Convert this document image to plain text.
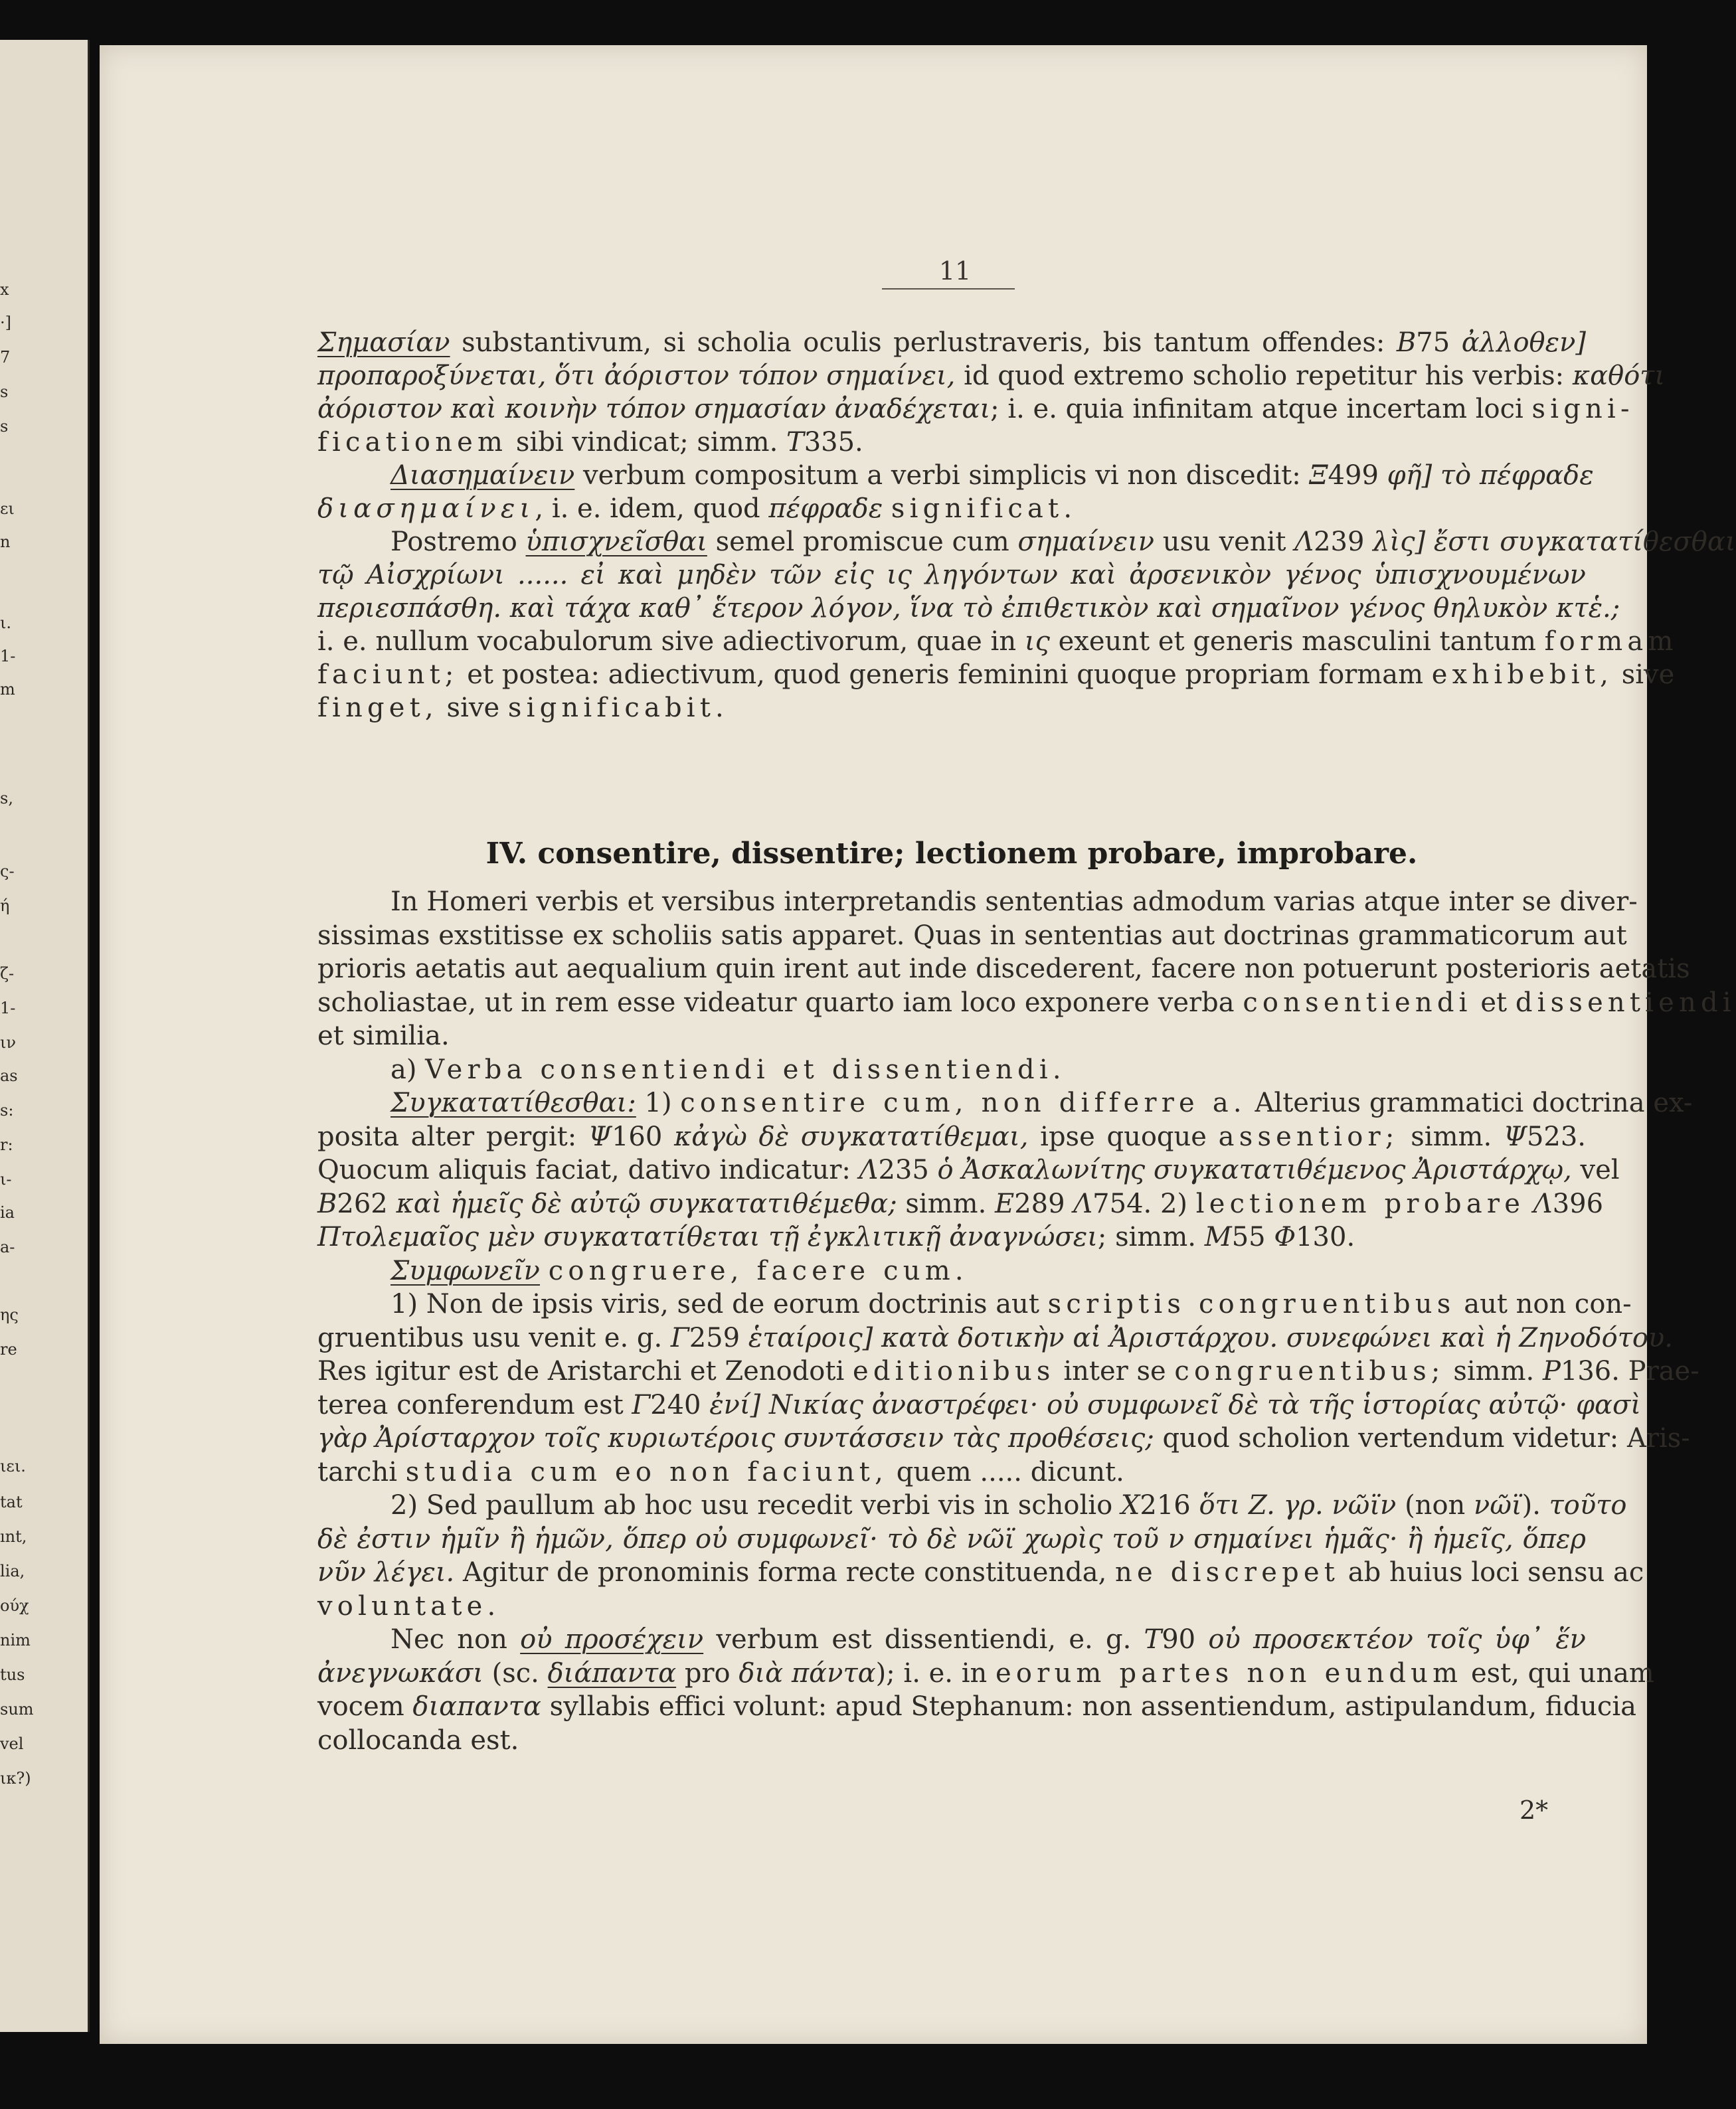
x
·]
7
s
s
ει
n
ι.
1-
m
s,
ς-
ή
ζ-
1-
ιν
as
s:
r:
ι-
ia
a-
ης
re
ιει.
tat
ınt,
lia,
ούχ
nim
tus
sum
vel
ικ?)
11
IV. consentire, dissentire; lectionem probare, improbare.
Σημασίαν substantivum, si scholia oculis perlustraveris, bis tantum offendes: B75 ἀλλοθεν]
προπαροξύνεται, ὅτι ἀόριστον τόπον σημαίνει, id quod extremo scholio repetitur his verbis: καθότι
ἀόριστον καὶ κοινὴν τόπον σημασίαν ἀναδέχεται; i. e. quia infinitam atque incertam loci signi-
ficationem sibi vindicat; simm. T335.
Διασημαίνειν verbum compositum a verbi simplicis vi non discedit: Ξ499 φῆ] τὸ πέφραδε
διασημαίνει, i. e. idem, quod πέφραδε significat.
Postremo ὑπισχνεῖσθαι semel promiscue cum σημαίνειν usu venit Λ239 λὶς] ἔστι συγκατατίθεσθαι
τῷ Αἰσχρίωνι ...... εἰ καὶ μηδὲν τῶν εἰς ις ληγόντων καὶ ἀρσενικὸν γένος ὑπισχνουμένων
περιεσπάσθη. καὶ τάχα καθ᾽ ἕτερον λόγον, ἵνα τὸ ἐπιθετικὸν καὶ σημαῖνον γένος θηλυκὸν κτἑ.;
i. e. nullum vocabulorum sive adiectivorum, quae in ις exeunt et generis masculini tantum formam
faciunt; et postea: adiectivum, quod generis feminini quoque propriam formam exhibebit, sive
finget, sive significabit.
In Homeri verbis et versibus interpretandis sententias admodum varias atque inter se diver-
sissimas exstitisse ex scholiis satis apparet. Quas in sententias aut doctrinas grammaticorum aut
prioris aetatis aut aequalium quin irent aut inde discederent, facere non potuerunt posterioris aetatis
scholiastae, ut in rem esse videatur quarto iam loco exponere verba consentiendi et dissentiendi
et similia.
a) Verba consentiendi et dissentiendi.
Συγκατατίθεσθαι: 1) consentire cum, non differre a. Alterius grammatici doctrina ex-
posita alter pergit: Ψ160 κἀγὼ δὲ συγκατατίθεμαι, ipse quoque assentior; simm. Ψ523.
Quocum aliquis faciat, dativo indicatur: Λ235 ὁ Ἀσκαλωνίτης συγκατατιθέμενος Ἀριστάρχῳ, vel
B262 καὶ ἡμεῖς δὲ αὐτῷ συγκατατιθέμεθα; simm. E289 Λ754. 2) lectionem probare Λ396
Πτολεμαῖος μὲν συγκατατίθεται τῇ ἐγκλιτικῇ ἀναγνώσει; simm. M55 Φ130.
Συμφωνεῖν congruere, facere cum.
1) Non de ipsis viris, sed de eorum doctrinis aut scriptis congruentibus aut non con-
gruentibus usu venit e. g. Γ259 ἑταίροις] κατὰ δοτικὴν αἱ Ἀριστάρχου. συνεφώνει καὶ ἡ Ζηνοδότου.
Res igitur est de Aristarchi et Zenodoti editionibus inter se congruentibus; simm. P136. Prae-
terea conferendum est Γ240 ἐνί] Νικίας ἀναστρέφει· οὐ συμφωνεῖ δὲ τὰ τῆς ἱστορίας αὐτῷ· φασὶ
γὰρ Ἀρίσταρχον τοῖς κυριωτέροις συντάσσειν τὰς προθέσεις; quod scholion vertendum videtur: Aris-
tarchi studia cum eo non faciunt, quem ..... dicunt.
2) Sed paullum ab hoc usu recedit verbi vis in scholio X216 ὅτι Z. γρ. νῶϊν (non νῶϊ). τοῦτο
δὲ ἐστιν ἡμῖν ἢ ἡμῶν, ὅπερ οὐ συμφωνεῖ· τὸ δὲ νῶϊ χωρὶς τοῦ ν σημαίνει ἡμᾶς· ἢ ἡμεῖς, ὅπερ
νῦν λέγει. Agitur de pronominis forma recte constituenda, ne discrepet ab huius loci sensu ac
voluntate.
Nec non οὐ προσέχειν verbum est dissentiendi, e. g. T90 οὐ προσεκτέον τοῖς ὑφ᾽ ἕν
ἀνεγνωκάσι (sc. διάπαντα pro διὰ πάντα); i. e. in eorum partes non eundum est, qui unam
vocem διαπαντα syllabis effici volunt: apud Stephanum: non assentiendum, astipulandum, fiducia
collocanda est.
2*
